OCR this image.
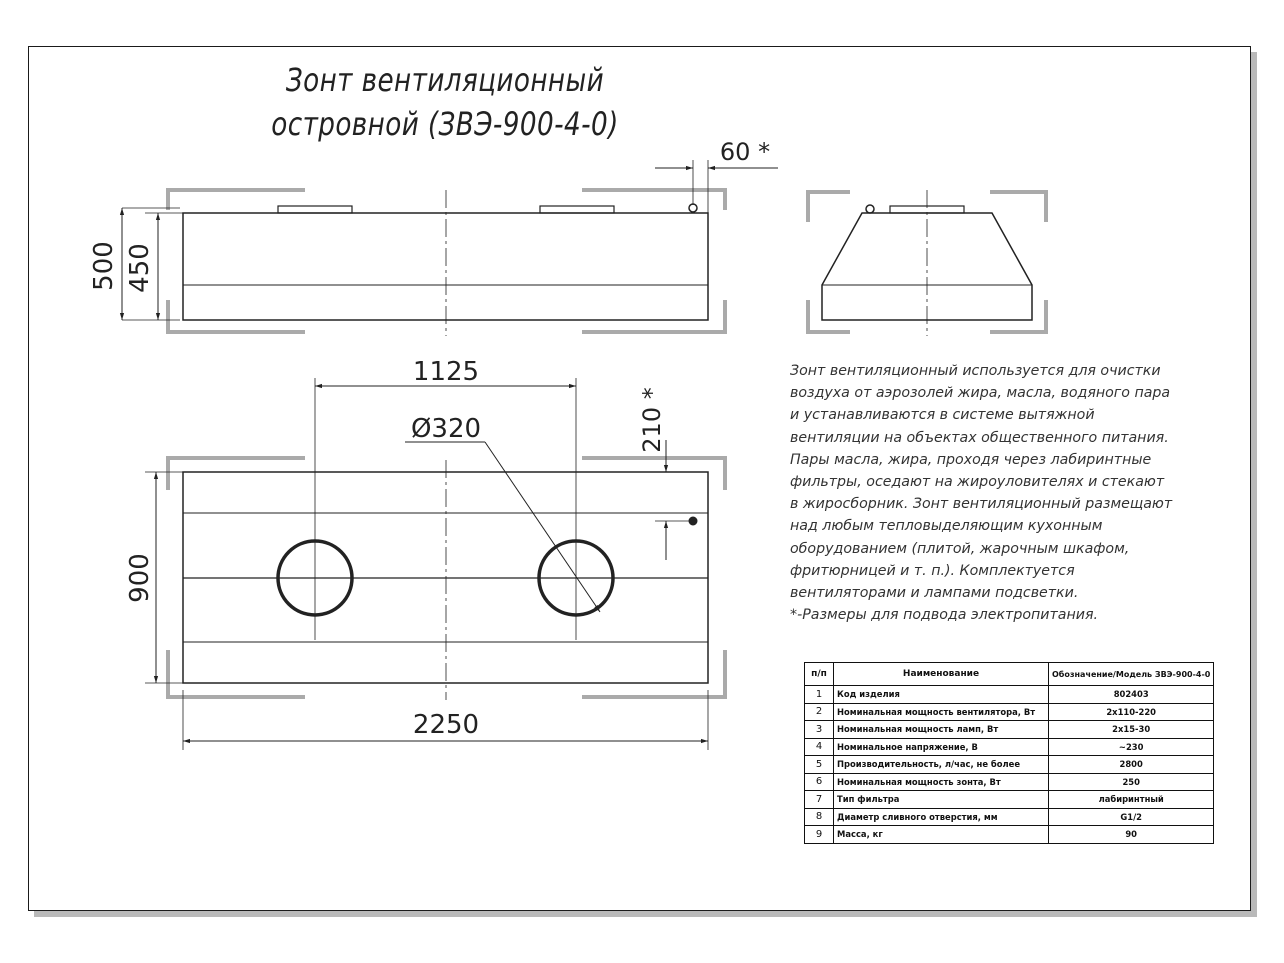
Зонт вентиляционный
островной (ЗВЭ-900-4-0)
500 450
60 *
1125
Ø320	210 *
900
2250

Зонт вентиляционный используется для очистки

воздуха от аэрозолей жира, масла, водяного пара

и устанавливаются в системе вытяжной

вентиляции на объектах общественного питания.

Пары масла, жира, проходя через лабиринтные

фильтры, оседают на жироуловителях и стекают

в жиросборник. Зонт вентиляционный размещают

над любым тепловыделяющим кухонным

оборудованием (плитой, жарочным шкафом,

фритюрницей и т. п.). Комплектуется

вентиляторами и лампами подсветки.

*-Размеры для подвода электропитания.

п/п	Наименование	Обозначение/Модель ЗВЭ-900-4-0
1	Код изделия	802403
2	Номинальная мощность вентилятора, Вт	2х110-220
3	Номинальная мощность ламп, Вт	2х15-30
4	Номинальное напряжение, В	~230
5	Производительность, л/час, не более	2800
6	Номинальная мощность зонта, Вт	250
7	Тип фильтра	лабиринтный
8	Диаметр сливного отверстия, мм	G1/2
9	Масса, кг	90
